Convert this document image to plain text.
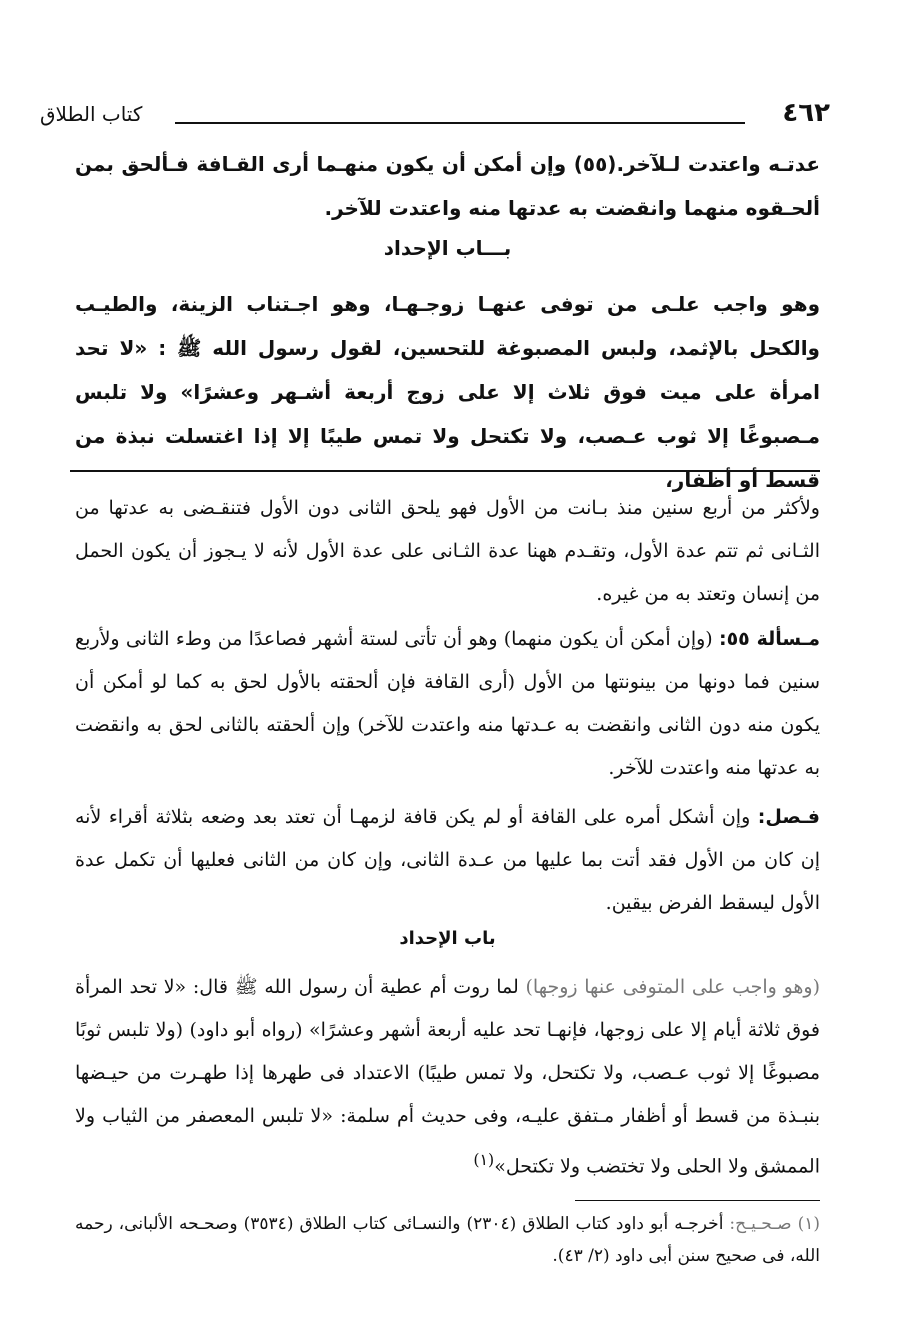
٤٦٢
كتاب الطلاق
عدتـه واعتدت لـلآخر.(٥٥) وإن أمكن أن يكون منهـما أرى القـافة فـألحق بمن ألحـقوه منهما وانقضت به عدتها منه واعتدت للآخر.
بـــاب الإحداد
وهو واجب علـى من توفى عنهـا زوجـهـا، وهو اجـتناب الزينة، والطيـب والكحل بالإثمد، ولبس المصبوغة للتحسين، لقول رسول الله ﷺ : «لا تحد امرأة على ميت فوق ثلاث إلا على زوج أربعة أشـهر وعشرًا» ولا تلبس مـصبوغًا إلا ثوب عـصب، ولا تكتحل ولا تمس طيبًا إلا إذا اغتسلت نبذة من قسط أو أظفار،
ولأكثر من أربع سنين منذ بـانت من الأول فهو يلحق الثانى دون الأول فتنقـضى به عدتها من الثـانى ثم تتم عدة الأول، وتقـدم ههنا عدة الثـانى على عدة الأول لأنه لا يـجوز أن يكون الحمل من إنسان وتعتد به من غيره.
مـسألة ٥٥: (وإن أمكن أن يكون منهما) وهو أن تأتى لستة أشهر فصاعدًا من وطء الثانى ولأربع سنين فما دونها من بينونتها من الأول (أرى القافة فإن ألحقته بالأول لحق به كما لو أمكن أن يكون منه دون الثانى وانقضت به عـدتها منه واعتدت للآخر) وإن ألحقته بالثانى لحق به وانقضت به عدتها منه واعتدت للآخر.
فـصل: وإن أشكل أمره على القافة أو لم يكن قافة لزمهـا أن تعتد بعد وضعه بثلاثة أقراء لأنه إن كان من الأول فقد أتت بما عليها من عـدة الثانى، وإن كان من الثانى فعليها أن تكمل عدة الأول ليسقط الفرض بيقين.
باب الإحداد
(وهو واجب على المتوفى عنها زوجها) لما روت أم عطية أن رسول الله ﷺ قال: «لا تحد المرأة فوق ثلاثة أيام إلا على زوجها، فإنهـا تحد عليه أربعة أشهر وعشرًا» (رواه أبو داود) (ولا تلبس ثوبًا مصبوغًا إلا ثوب عـصب، ولا تكتحل، ولا تمس طيبًا) الاعتداد فى طهرها إذا طهـرت من حيـضها بنبـذة من قسط أو أظفار مـتفق عليـه، وفى حديث أم سلمة: «لا تلبس المعصفر من الثياب ولا الممشق ولا الحلى ولا تختضب ولا تكتحل»$^{(١)}$
(١) صـحـيـح: أخرجـه أبو داود كتاب الطلاق (٢٣٠٤) والنسـائى كتاب الطلاق (٣٥٣٤) وصحـحه الألبانى، رحمه الله، فى صحيح سنن أبى داود (٢/ ٤٣).
